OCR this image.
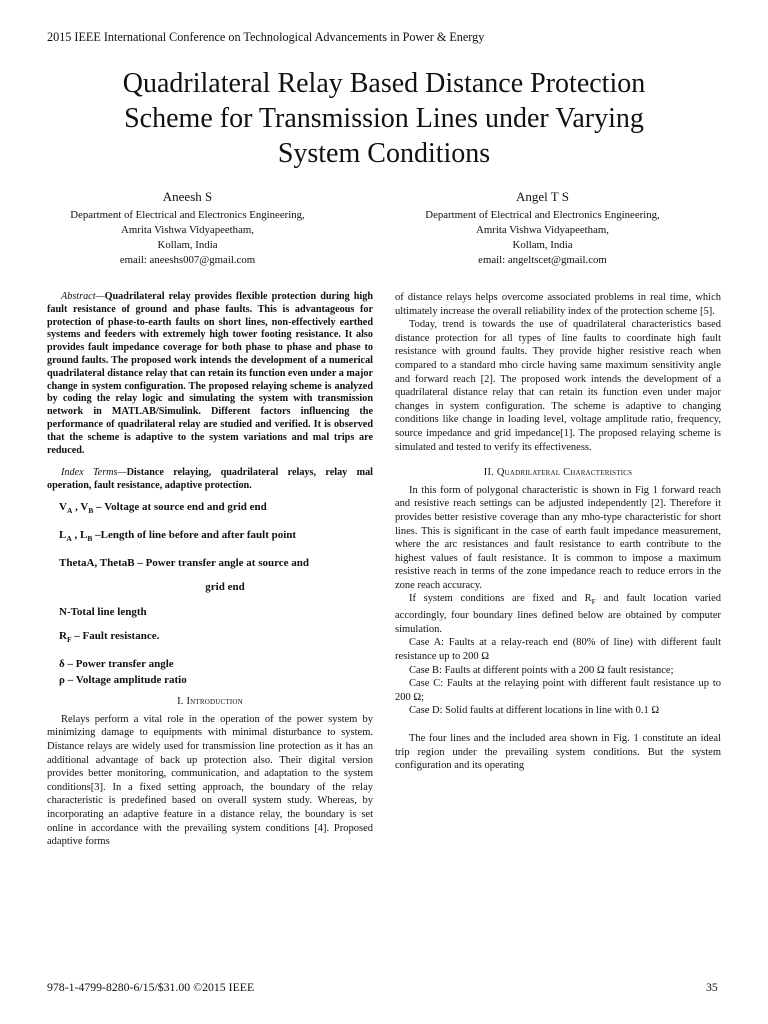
2015 IEEE International Conference on Technological Advancements in Power & Energy
Quadrilateral Relay Based Distance Protection
Scheme for Transmission Lines under Varying
System Conditions
Aneesh S
Department of Electrical and Electronics Engineering,
Amrita Vishwa Vidyapeetham,
Kollam, India
email: aneeshs007@gmail.com
Angel T S
Department of Electrical and Electronics Engineering,
Amrita Vishwa Vidyapeetham,
Kollam, India
email: angeltscet@gmail.com

Abstract—Quadrilateral relay provides flexible protection during high fault resistance of ground and phase faults. This is advantageous for protection of phase-to-earth faults on short lines, non-effectively earthed systems and feeders with extremely high tower footing resistance. It also provides fault impedance coverage for both phase to phase and phase to ground faults. The proposed work intends the development of a numerical quadrilateral distance relay that can retain its function even under a major change in system configuration. The proposed relaying scheme is analyzed by coding the relay logic and simulating the system with transmission network in MATLAB/Simulink. Different factors influencing the performance of quadrilateral relay are studied and verified. It is observed that the scheme is adaptive to the system variations and mal trips are reduced.

Index Terms—Distance relaying, quadrilateral relays, relay mal operation, fault resistance, adaptive protection.

$V_A$ , $V_B$ – Voltage at source end and grid end
$L_A$ , $L_B$ –Length of line before and after fault point
ThetaA, ThetaB – Power transfer angle at source and
grid end
N-Total line length
$R_F$ – Fault resistance.
δ – Power transfer angle
ρ – Voltage amplitude ratio
I. Introduction

Relays perform a vital role in the operation of the power system by minimizing damage to equipments with minimal disturbance to system. Distance relays are widely used for transmission line protection as it has an additional advantage of back up protection also. Their digital version provides better monitoring, communication, and adaptation to the system conditions[3]. In a fixed setting approach, the boundary of the relay characteristic is predefined based on overall system study. Whereas, by incorporating an adaptive feature in a distance relay, the boundary is set online in accordance with the prevailing system conditions [4]. Proposed adaptive forms

of distance relays helps overcome associated problems in real time, which ultimately increase the overall reliability index of the protection scheme [5].

Today, trend is towards the use of quadrilateral characteristics based distance protection for all types of line faults to coordinate high fault resistance with ground faults. They provide higher resistive reach when compared to a standard mho circle having same maximum sensitivity angle and forward reach [2]. The proposed work intends the development of a quadrilateral distance relay that can retain its function even under major changes in system configuration. The scheme is adaptive to changing conditions like change in loading level, voltage amplitude ratio, frequency, source impedance and grid impedance[1]. The proposed relaying scheme is simulated and tested to verify its effectiveness.

II. Quadrilateral Characteristics

In this form of polygonal characteristic is shown in Fig 1 forward reach and resistive reach settings can be adjusted independently [2]. Therefore it provides better resistive coverage than any mho-type characteristic for short lines. This is significant in the case of earth fault impedance measurement, where the arc resistances and fault resistance to earth contribute to the highest values of fault resistance. It is common to impose a maximum resistive reach in terms of the zone impedance reach to reduce errors in the zone reach accuracy.

If system conditions are fixed and $R_F$ and fault location varied accordingly, four boundary lines defined below are obtained by computer simulation.

Case A: Faults at a relay-reach end (80% of line) with different fault resistance up to 200 Ω

Case B: Faults at different points with a 200 Ω fault resistance;

Case C: Faults at the relaying point with different fault resistance up to 200 Ω;

Case D: Solid faults at different locations in line with 0.1 Ω

The four lines and the included area shown in Fig. 1 constitute an ideal trip region under the prevailing system conditions. But the system configuration and its operating

978-1-4799-8280-6/15/$31.00 ©2015 IEEE	35
